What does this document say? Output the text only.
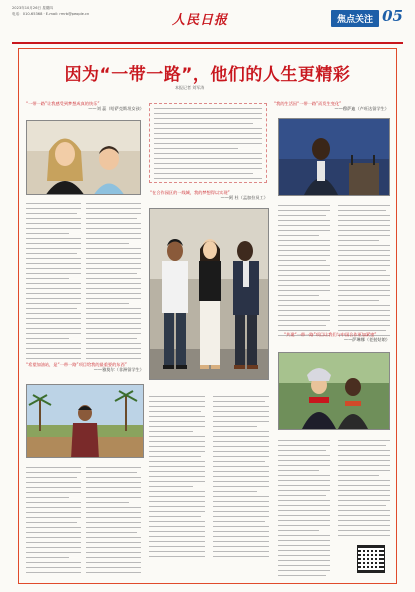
2023年10月26日 星期四
电话：010-65368 · E-mail: rmrb@people.cn	人民日报	焦点关注 05
因为“一带一路”，他们的人生更精彩
本报记者 刘军涛
“一带一路”让我感受到梦想成真的快乐”
——刘 蕊（哈萨克斯坦女孩）

“在合作园区的一线城，我的梦想得以实现”
——阿 杜（孟加拉员工）

“我的生活因“一带一路”而发生变化”
——穆萨迪（卢旺达留学生）

“共建“一带一路”项目让我们与中国合作更加紧密”
——萨琳娜（老挝姑娘）

“希望加油站，是“一带一路”项目给我的最重要的东西”
——雅莫尔（非洲留学生）
